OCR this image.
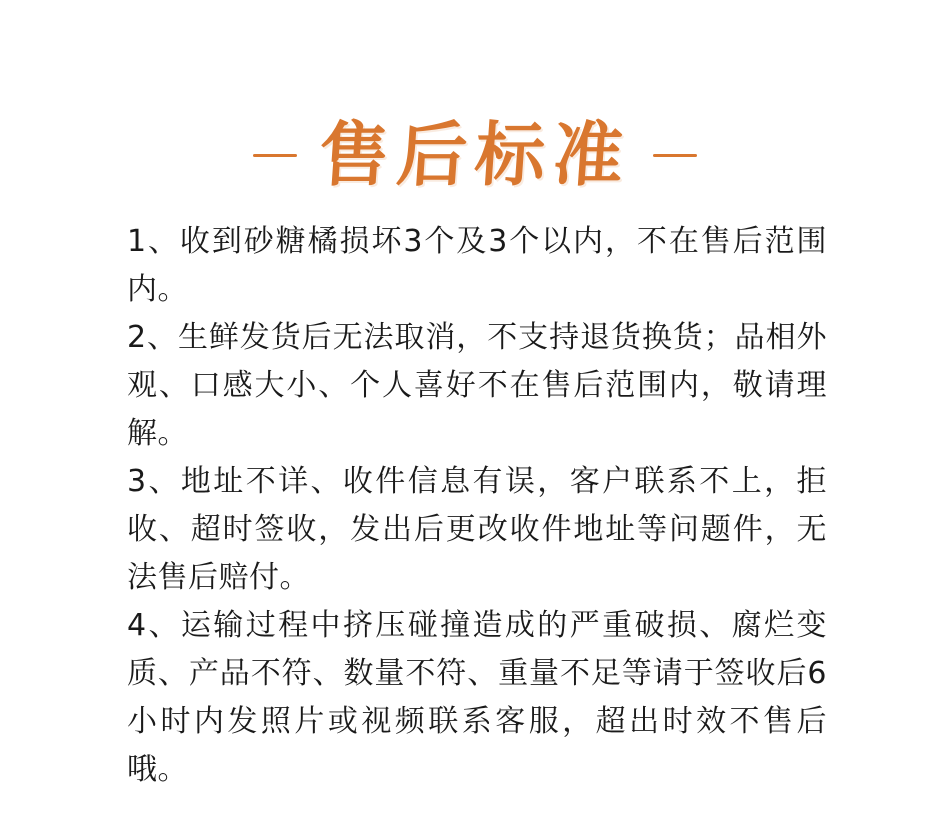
售后标准

1、收到砂糖橘损坏3个及3个以内，不在售后范围内。

2、生鲜发货后无法取消，不支持退货换货；品相外观、口感大小、个人喜好不在售后范围内，敬请理解。

3、地址不详、收件信息有误，客户联系不上，拒收、超时签收，发出后更改收件地址等问题件，无法售后赔付。

4、运输过程中挤压碰撞造成的严重破损、腐烂变质、产品不符、数量不符、重量不足等请于签收后6小时内发照片或视频联系客服，超出时效不售后哦。
